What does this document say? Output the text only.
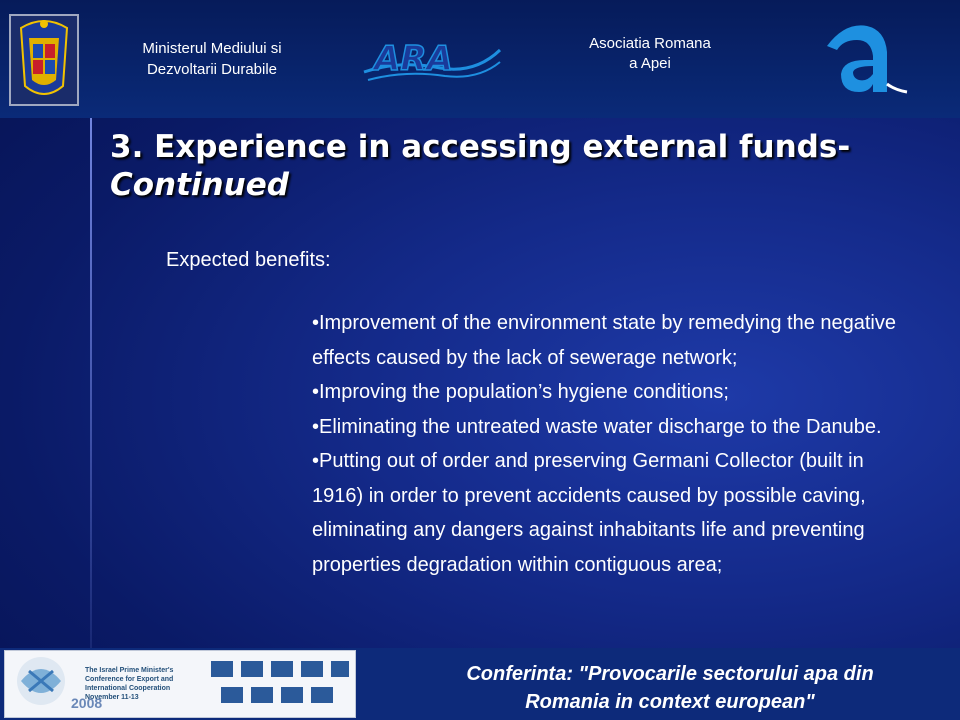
Ministerul Mediului si
Dezvoltarii Durabile	ARA	Asociatia Romana
a Apei
3. Experience in accessing external funds-
Continued
Expected benefits:
•Improvement of the environment state by remedying the negative effects caused by the lack of sewerage network;
•Improving the population’s hygiene conditions;
•Eliminating the untreated waste water discharge to the Danube.
•Putting out of order and preserving Germani Collector (built in 1916) in order to prevent accidents caused by possible caving, eliminating any dangers against inhabitants life and preventing properties degradation within contiguous area;
The Israel Prime Minister's Conference for Export and International Cooperation
November 11-13
2008
Conferinta: "Provocarile sectorului apa din
Romania in context european"
